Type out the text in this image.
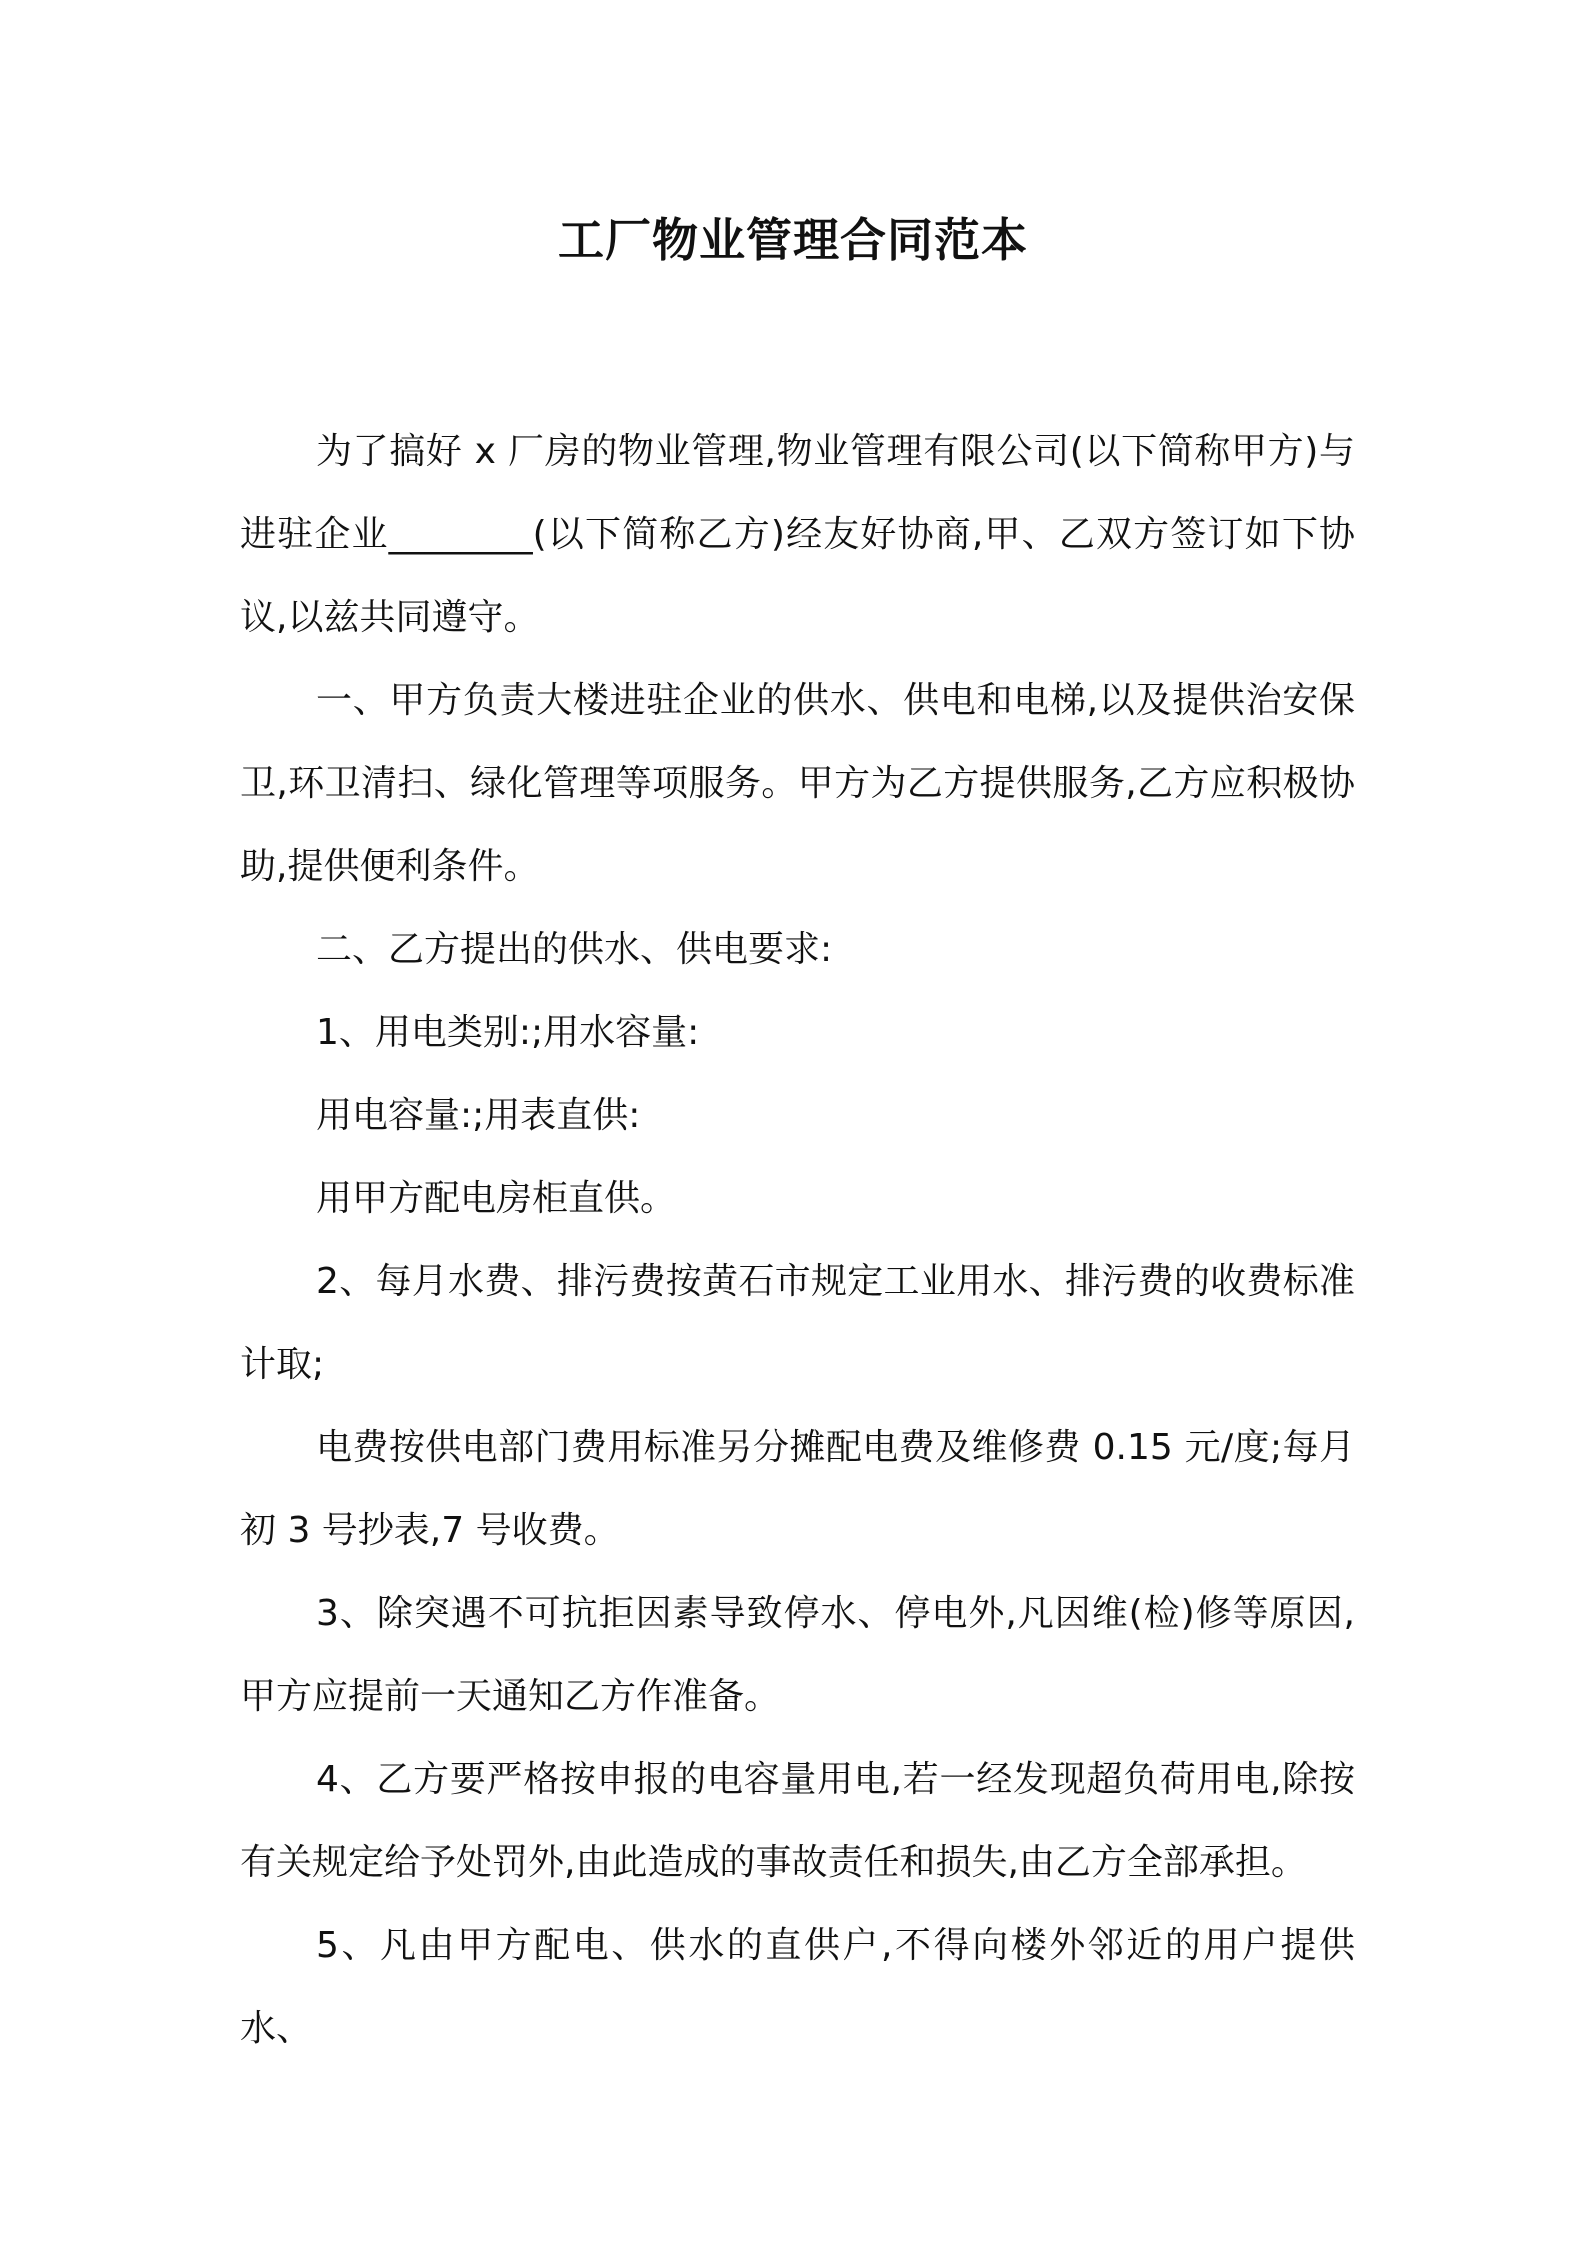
工厂物业管理合同范本

为了搞好 x 厂房的物业管理,物业管理有限公司(以下简称甲方)与进驻企业________(以下简称乙方)经友好协商,甲、乙双方签订如下协议,以兹共同遵守。

一、甲方负责大楼进驻企业的供水、供电和电梯,以及提供治安保卫,环卫清扫、绿化管理等项服务。甲方为乙方提供服务,乙方应积极协助,提供便利条件。

二、乙方提出的供水、供电要求:

1、用电类别:;用水容量:

用电容量:;用表直供:

用甲方配电房柜直供。

2、每月水费、排污费按黄石市规定工业用水、排污费的收费标准计取;

电费按供电部门费用标准另分摊配电费及维修费 0.15 元/度;每月初 3 号抄表,7 号收费。

3、除突遇不可抗拒因素导致停水、停电外,凡因维(检)修等原因,甲方应提前一天通知乙方作准备。

4、乙方要严格按申报的电容量用电,若一经发现超负荷用电,除按有关规定给予处罚外,由此造成的事故责任和损失,由乙方全部承担。

5、凡由甲方配电、供水的直供户,不得向楼外邻近的用户提供水、
